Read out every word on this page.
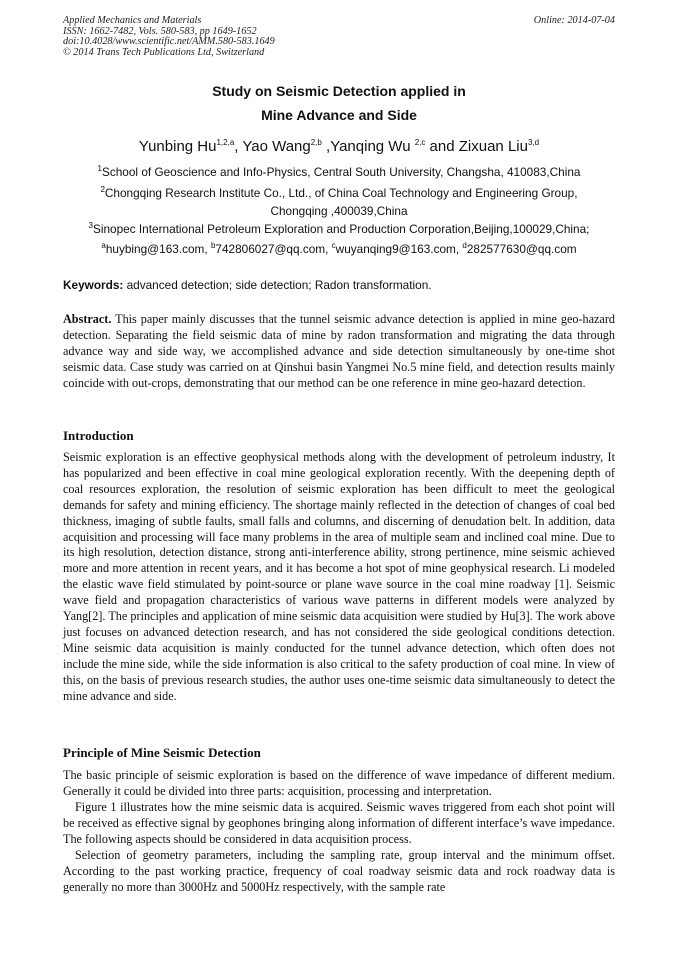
Applied Mechanics and Materials
ISSN: 1662-7482, Vols. 580-583, pp 1649-1652
doi:10.4028/www.scientific.net/AMM.580-583.1649
© 2014 Trans Tech Publications Ltd, Switzerland
Online: 2014-07-04
Study on Seismic Detection applied in
Mine Advance and Side
Yunbing Hu$^{1,2,a}$, Yao Wang$^{2,b}$ ,Yanqing Wu $^{2,c}$ and Zixuan Liu$^{3,d}$
$^1$School of Geoscience and Info-Physics, Central South University, Changsha, 410083,China
$^2$Chongqing Research Institute Co., Ltd., of China Coal Technology and Engineering Group,
Chongqing ,400039,China
$^3$Sinopec International Petroleum Exploration and Production Corporation,Beijing,100029,China;
$^a$huybing@163.com, $^b$742806027@qq.com, $^c$wuyanqing9@163.com, $^d$282577630@qq.com
Keywords: advanced detection; side detection; Radon transformation.
Abstract. This paper mainly discusses that the tunnel seismic advance detection is applied in mine geo-hazard detection. Separating the field seismic data of mine by radon transformation and migrating the data through advance way and side way, we accomplished advance and side detection simultaneously by one-time shot seismic data. Case study was carried on at Qinshui basin Yangmei No.5 mine field, and detection results mainly coincide with out-crops, demonstrating that our method can be one reference in mine geo-hazard detection.
Introduction
Seismic exploration is an effective geophysical methods along with the development of petroleum industry, It has popularized and been effective in coal mine geological exploration recently. With the deepening depth of coal resources exploration, the resolution of seismic exploration has been difficult to meet the geological demands for safety and mining efficiency. The shortage mainly reflected in the detection of changes of coal bed thickness, imaging of subtle faults, small falls and columns, and discerning of denudation belt. In addition, data acquisition and processing will face many problems in the area of multiple seam and inclined coal mine. Due to its high resolution, detection distance, strong anti-interference ability, strong pertinence, mine seismic achieved more and more attention in recent years, and it has become a hot spot of mine geophysical research. Li modeled the elastic wave field stimulated by point-source or plane wave source in the coal mine roadway [1]. Seismic wave field and propagation characteristics of various wave patterns in different models were analyzed by Yang[2]. The principles and application of mine seismic data acquisition were studied by Hu[3]. The work above just focuses on advanced detection research, and has not considered the side geological conditions detection. Mine seismic data acquisition is mainly conducted for the tunnel advance detection, which often does not include the mine side, while the side information is also critical to the safety production of coal mine. In view of this, on the basis of previous research studies, the author uses one-time seismic data simultaneously to detect the mine advance and side.
Principle of Mine Seismic Detection
The basic principle of seismic exploration is based on the difference of wave impedance of different medium. Generally it could be divided into three parts: acquisition, processing and interpretation.
Figure 1 illustrates how the mine seismic data is acquired. Seismic waves triggered from each shot point will be received as effective signal by geophones bringing along information of different interface’s wave impedance. The following aspects should be considered in data acquisition process.
Selection of geometry parameters, including the sampling rate, group interval and the minimum offset. According to the past working practice, frequency of coal roadway seismic data and rock roadway data is generally no more than 3000Hz and 5000Hz respectively, with the sample rate
